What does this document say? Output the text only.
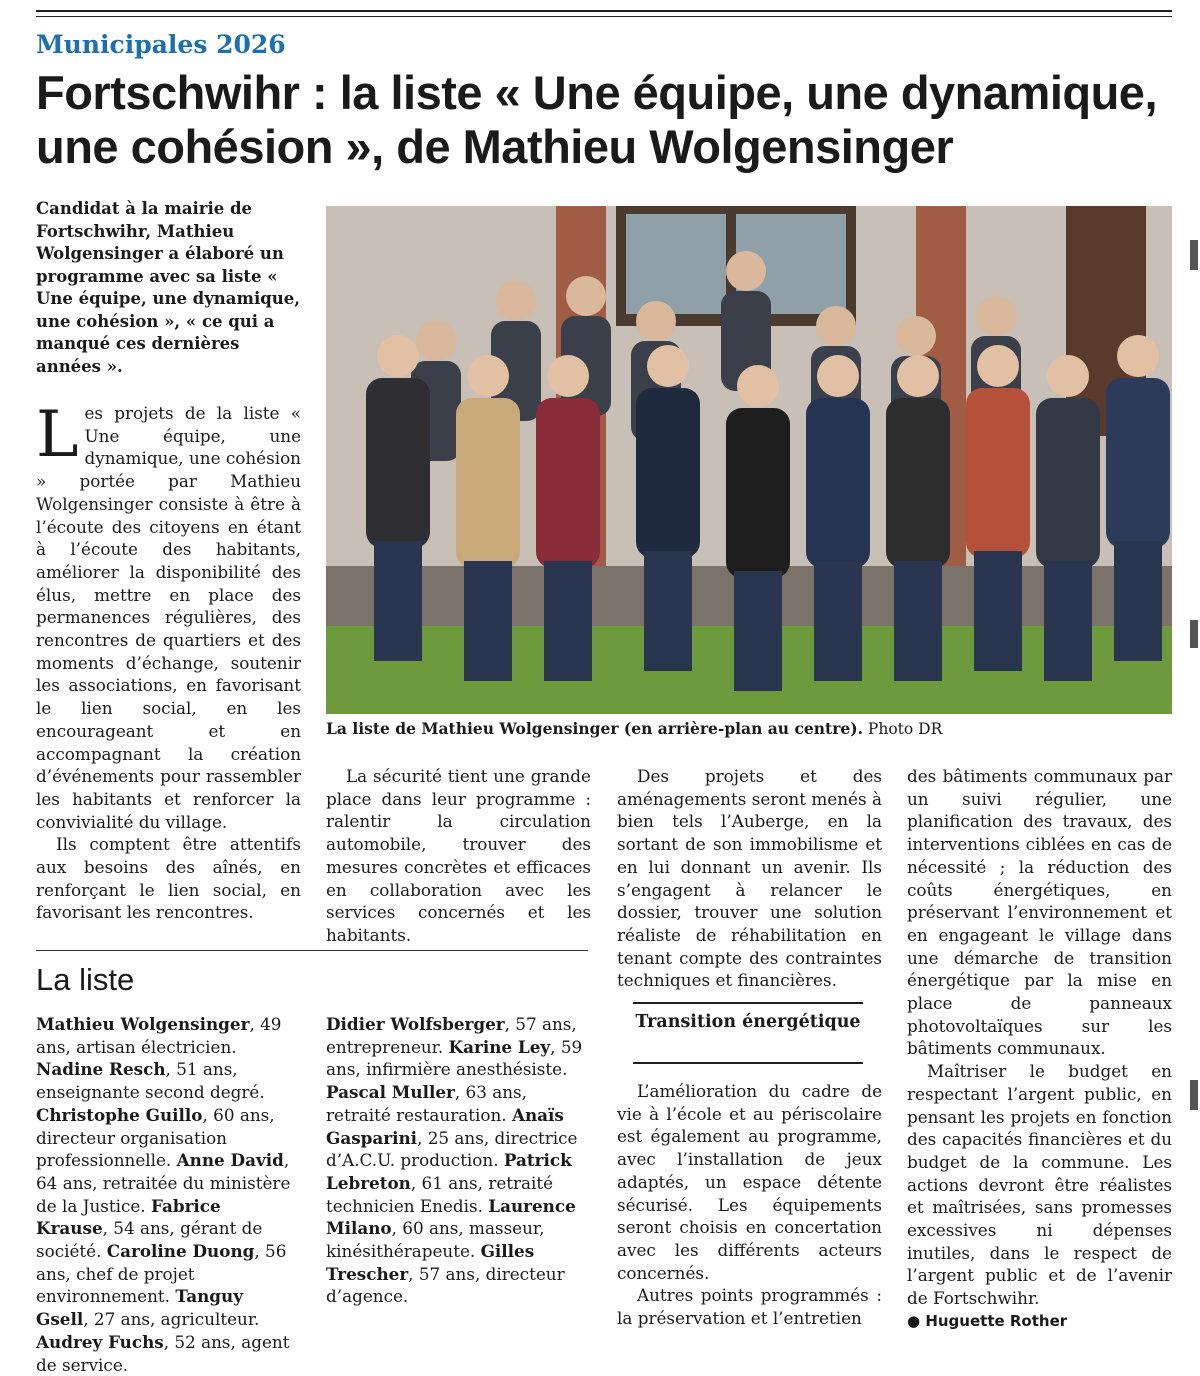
Municipales 2026
Fortschwihr : la liste « Une équipe, une dynamique, une cohésion », de Mathieu Wolgensinger

Candidat à la mairie de Fortschwihr, Mathieu Wolgensinger a élaboré un programme avec sa liste « Une équipe, une dynamique, une cohésion », « ce qui a manqué ces dernières années ».

La liste de Mathieu Wolgensinger (en arrière-plan au centre). Photo DR

Les projets de la liste « Une équipe, une dynamique, une cohésion » portée par Mathieu Wolgensinger consiste à être à l’écoute des citoyens en étant à l’écoute des habitants, améliorer la disponibilité des élus, mettre en place des permanences régulières, des rencontres de quartiers et des moments d’échange, soutenir les associations, en favorisant le lien social, en les encourageant et en accompagnant la création d’événements pour rassembler les habitants et renforcer la convivialité du village.

Ils comptent être attentifs aux besoins des aînés, en renforçant le lien social, en favorisant les rencontres.

La sécurité tient une grande place dans leur programme : ralentir la circulation automobile, trouver des mesures concrètes et efficaces en collaboration avec les services concernés et les habitants.

Des projets et des aménagements seront menés à bien tels l’Auberge, en la sortant de son immobilisme et en lui donnant un avenir. Ils s’engagent à relancer le dossier, trouver une solution réaliste de réhabilitation en tenant compte des contraintes techniques et financières.

Transition énergétique

L’amélioration du cadre de vie à l’école et au périscolaire est également au programme, avec l’installation de jeux adaptés, un espace détente sécurisé. Les équipements seront choisis en concertation avec les différents acteurs concernés.

Autres points programmés : la préservation et l’entretien

des bâtiments communaux par un suivi régulier, une planification des travaux, des interventions ciblées en cas de nécessité ; la réduction des coûts énergétiques, en préservant l’environnement et en engageant le village dans une démarche de transition énergétique par la mise en place de panneaux photovoltaïques sur les bâtiments communaux.

Maîtriser le budget en respectant l’argent public, en pensant les projets en fonction des capacités financières et du budget de la commune. Les actions devront être réalistes et maîtrisées, sans promesses excessives ni dépenses inutiles, dans le respect de l’argent public et de l’avenir de Fortschwihr.

● Huguette Rother

La liste

Mathieu Wolgensinger, 49 ans, artisan électricien. Nadine Resch, 51 ans, enseignante second degré. Christophe Guillo, 60 ans, directeur organisation professionnelle. Anne David, 64 ans, retraitée du ministère de la Justice. Fabrice Krause, 54 ans, gérant de société. Caroline Duong, 56 ans, chef de projet environnement. Tanguy Gsell, 27 ans, agriculteur. Audrey Fuchs, 52 ans, agent de service.

Didier Wolfsberger, 57 ans, entrepreneur. Karine Ley, 59 ans, infirmière anesthésiste. Pascal Muller, 63 ans, retraité restauration. Anaïs Gasparini, 25 ans, directrice d’A.C.U. production. Patrick Lebreton, 61 ans, retraité technicien Enedis. Laurence Milano, 60 ans, masseur, kinésithérapeute. Gilles Trescher, 57 ans, directeur d’agence.
